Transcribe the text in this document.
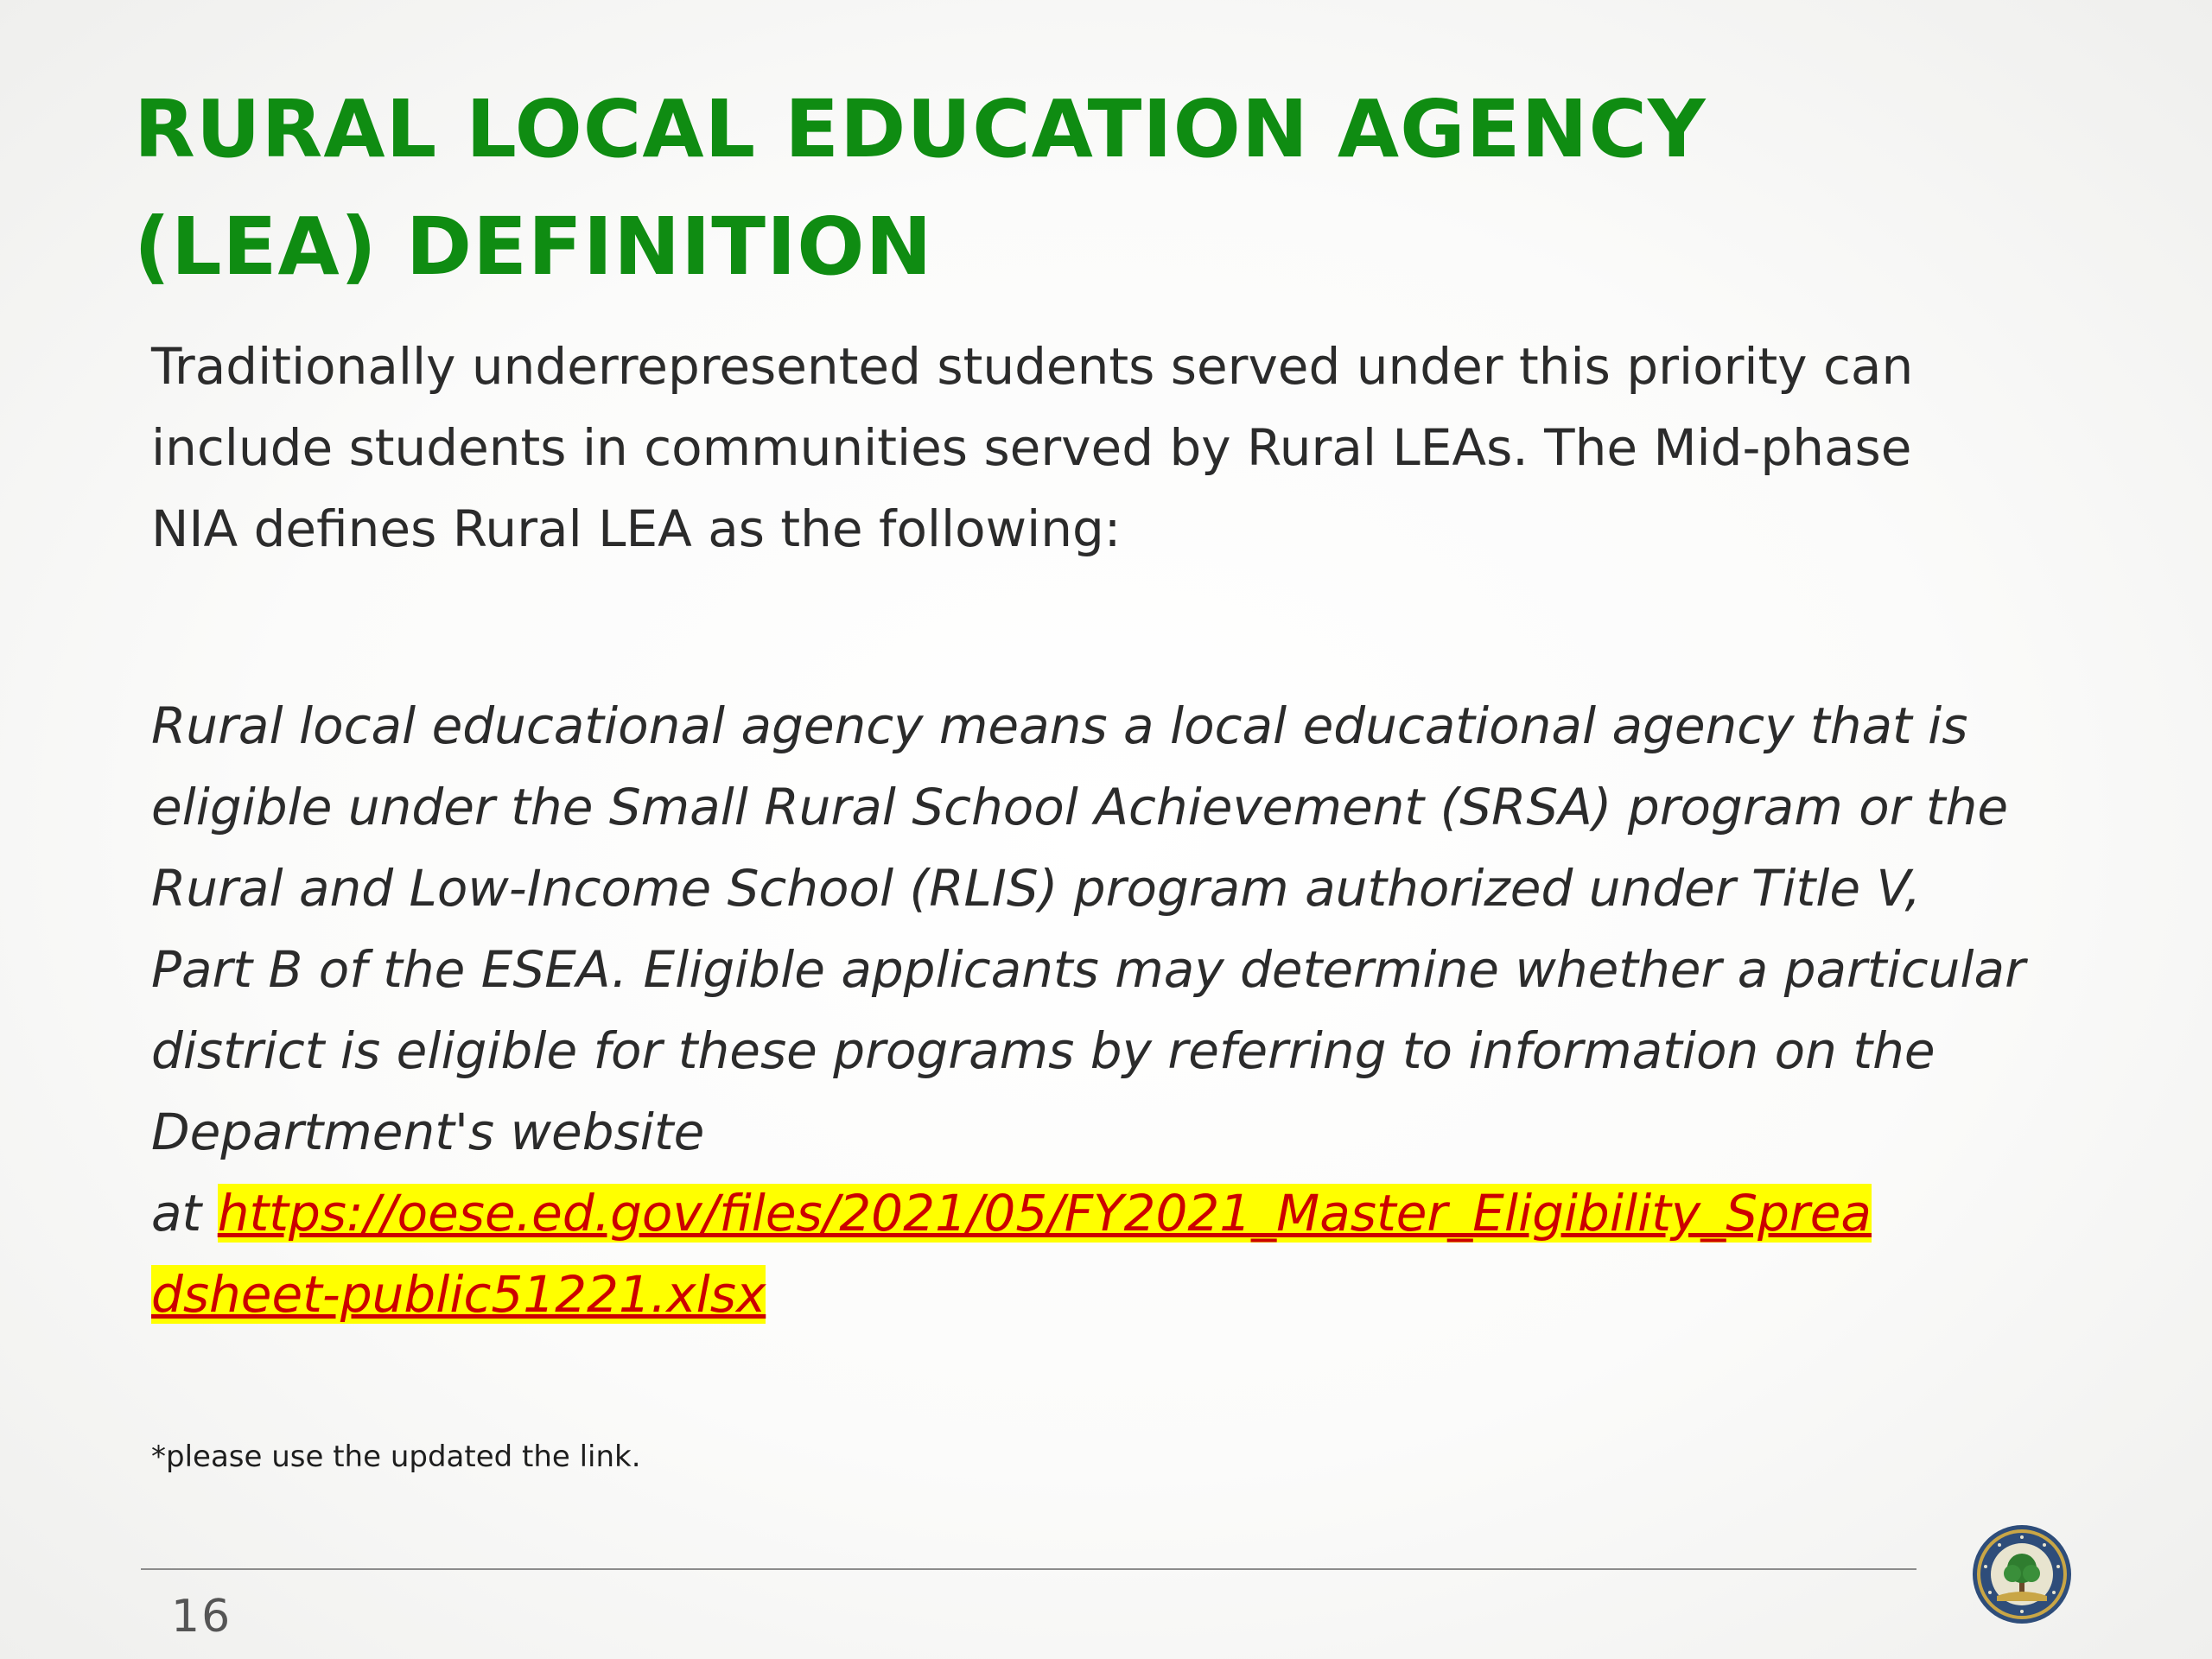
RURAL LOCAL EDUCATION AGENCY
(LEA) DEFINITION

Traditionally underrepresented students served under this priority can
include students in communities served by Rural LEAs. The Mid-phase
NIA defines Rural LEA as the following:

Rural local educational agency means a local educational agency that is
eligible under the Small Rural School Achievement (SRSA) program or the
Rural and Low-Income School (RLIS) program authorized under Title V,
Part B of the ESEA. Eligible applicants may determine whether a particular
district is eligible for these programs by referring to information on the
Department's website
at https://oese.ed.gov/files/2021/05/FY2021_Master_Eligibility_Sprea
dsheet-public51221.xlsx

*please use the updated the link.

16
